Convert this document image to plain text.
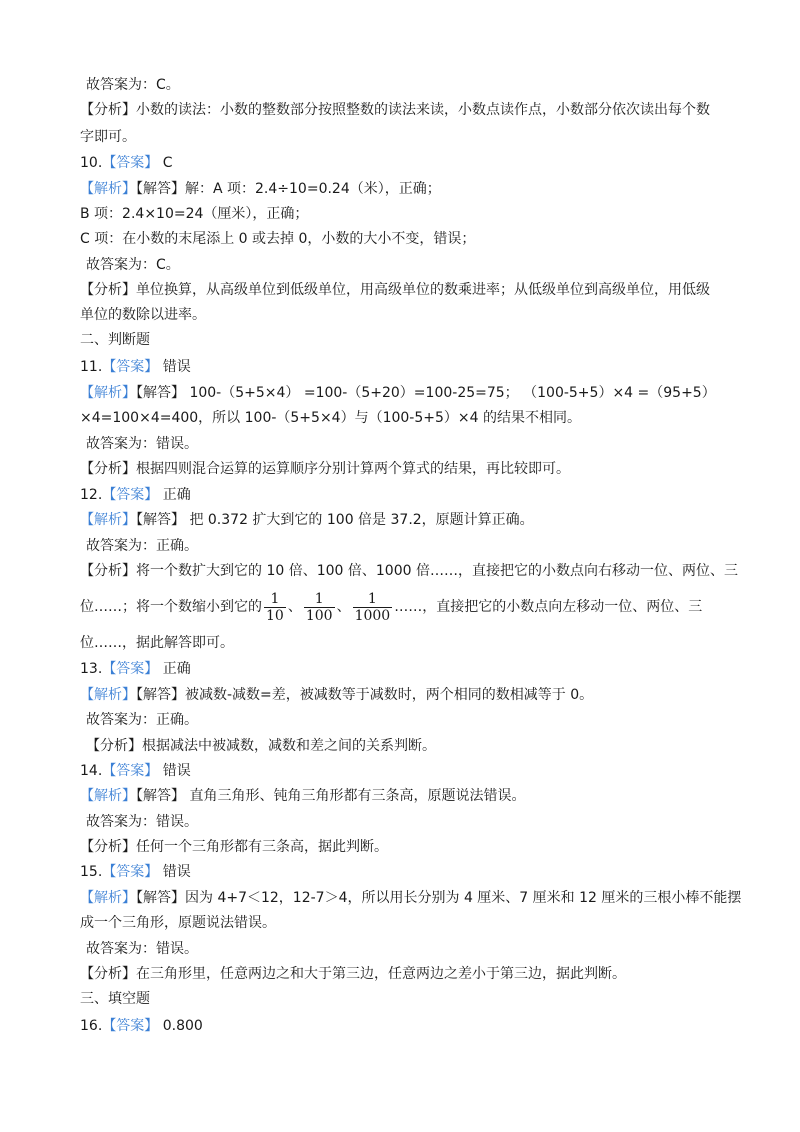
故答案为：C。
【分析】小数的读法：小数的整数部分按照整数的读法来读，小数点读作点，小数部分依次读出每个数
字即可。
10.【答案】 C
【解析】【解答】解：A 项：2.4÷10=0.24（米），正确；
B 项：2.4×10=24（厘米），正确；
C 项：在小数的末尾添上 0 或去掉 0，小数的大小不变，错误；
故答案为：C。
【分析】单位换算，从高级单位到低级单位，用高级单位的数乘进率；从低级单位到高级单位，用低级
单位的数除以进率。
二、判断题
11.【答案】 错误
【解析】【解答】 100-（5+5×4） =100-（5+20）=100-25=75； （100-5+5）×4 =（95+5）
×4=100×4=400，所以 100-（5+5×4）与（100-5+5）×4 的结果不相同。
故答案为：错误。
【分析】根据四则混合运算的运算顺序分别计算两个算式的结果，再比较即可。
12.【答案】 正确
【解析】【解答】 把 0.372 扩大到它的 100 倍是 37.2，原题计算正确。
故答案为：正确。
【分析】将一个数扩大到它的 10 倍、100 倍、1000 倍……，直接把它的小数点向右移动一位、两位、三
位……；将一个数缩小到它的 $\frac{1}{10}$ 、 $\frac{1}{100}$ 、 $\frac{1}{1000}$ ……，直接把它的小数点向左移动一位、两位、三
位……，据此解答即可。
13.【答案】 正确
【解析】【解答】被减数-减数=差，被减数等于减数时，两个相同的数相减等于 0。
故答案为：正确。
【分析】根据减法中被减数，减数和差之间的关系判断。
14.【答案】 错误
【解析】【解答】 直角三角形、钝角三角形都有三条高，原题说法错误。
故答案为：错误。
【分析】任何一个三角形都有三条高，据此判断。
15.【答案】 错误
【解析】【解答】因为 4+7＜12，12-7＞4，所以用长分别为 4 厘米、7 厘米和 12 厘米的三根小棒不能摆
成一个三角形，原题说法错误。
故答案为：错误。
【分析】在三角形里，任意两边之和大于第三边，任意两边之差小于第三边，据此判断。
三、填空题
16.【答案】 0.800
